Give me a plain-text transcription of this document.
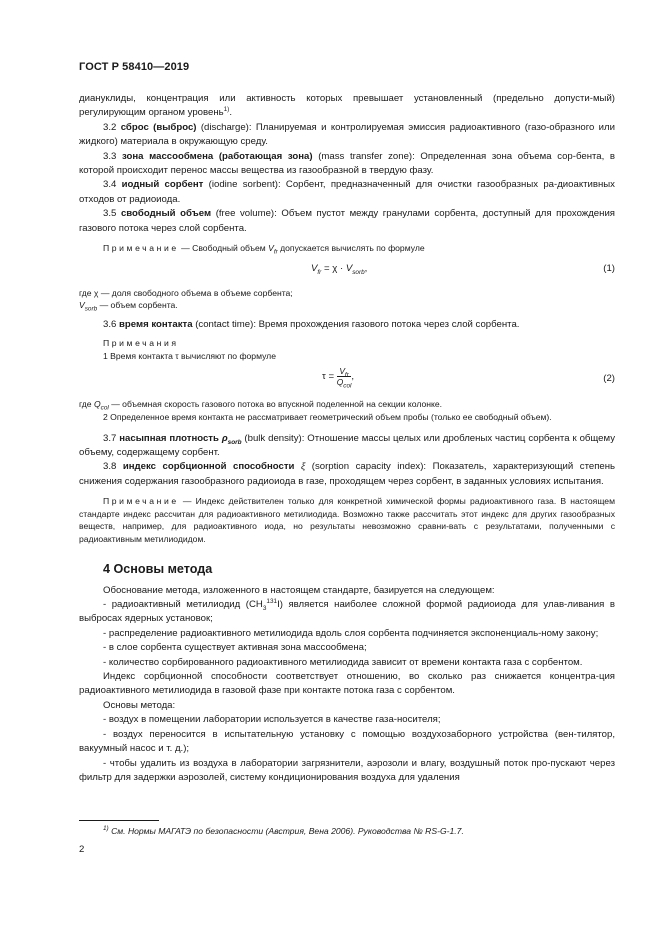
ГОСТ Р 58410—2019

диануклиды, концентрация или активность которых превышает установленный (предельно допусти-мый) регулирующим органом уровень$^{1)}$.

3.2 сброс (выброс) (discharge): Планируемая и контролируемая эмиссия радиоактивного (газо-образного или жидкого) материала в окружающую среду.

3.3 зона массообмена (работающая зона) (mass transfer zone): Определенная зона объема сор-бента, в которой происходит перенос массы вещества из газообразной в твердую фазу.

3.4 иодный сорбент (iodine sorbent): Сорбент, предназначенный для очистки газообразных ра-диоактивных отходов от радиоиода.

3.5 свободный объем (free volume): Объем пустот между гранулами сорбента, доступный для прохождения газового потока через слой сорбента.

Примечание — Свободный объем $V_{fr}$ допускается вычислять по формуле

$V_{fr} = \chi \cdot V_{sorb}$,	(1)

где χ — доля свободного объема в объеме сорбента;

$V_{sorb}$ — объем сорбента.

3.6 время контакта (contact time): Время прохождения газового потока через слой сорбента.

Примечания

1 Время контакта τ вычисляют по формуле

$\tau = \frac{V_{fr}}{Q_{col}}$ ,	(2)

где $Q_{col}$ — объемная скорость газового потока во впускной поделенной на секции колонке.

2 Определенное время контакта не рассматривает геометрический объем пробы (только ее свободный объем).

3.7 насыпная плотность $\rho_{sorb}$ (bulk density): Отношение массы целых или дробленых частиц сорбента к общему объему, содержащему сорбент.

3.8 индекс сорбционной способности ξ (sorption capacity index): Показатель, характеризующий степень снижения содержания газообразного радиоиода в газе, проходящем через сорбент, в заданных условиях испытания.

Примечание — Индекс действителен только для конкретной химической формы радиоактивного газа. В настоящем стандарте индекс рассчитан для радиоактивного метилиодида. Возможно также рассчитать этот индекс для других газообразных веществ, например, для радиоактивного иода, но результаты невозможно сравни-вать с результатами, полученными с радиоактивным метилиодидом.

4 Основы метода

Обоснование метода, изложенного в настоящем стандарте, базируется на следующем:

- радиоактивный метилиодид $(CH_3^{131}I)$ является наиболее сложной формой радиоиода для улав-ливания в выбросах ядерных установок;

- распределение радиоактивного метилиодида вдоль слоя сорбента подчиняется экспоненциаль-ному закону;

- в слое сорбента существует активная зона массообмена;

- количество сорбированного радиоактивного метилиодида зависит от времени контакта газа с сорбентом.

Индекс сорбционной способности соответствует отношению, во сколько раз снижается концентра-ция радиоактивного метилиодида в газовой фазе при контакте потока газа с сорбентом.

Основы метода:

- воздух в помещении лаборатории используется в качестве газа-носителя;

- воздух переносится в испытательную установку с помощью воздухозаборного устройства (вен-тилятор, вакуумный насос и т. д.);

- чтобы удалить из воздуха в лаборатории загрязнители, аэрозоли и влагу, воздушный поток про-пускают через фильтр для задержки аэрозолей, систему кондиционирования воздуха для удаления

$^{1)}$ См. Нормы МАГАТЭ по безопасности (Австрия, Вена 2006). Руководства № RS-G-1.7.
2
